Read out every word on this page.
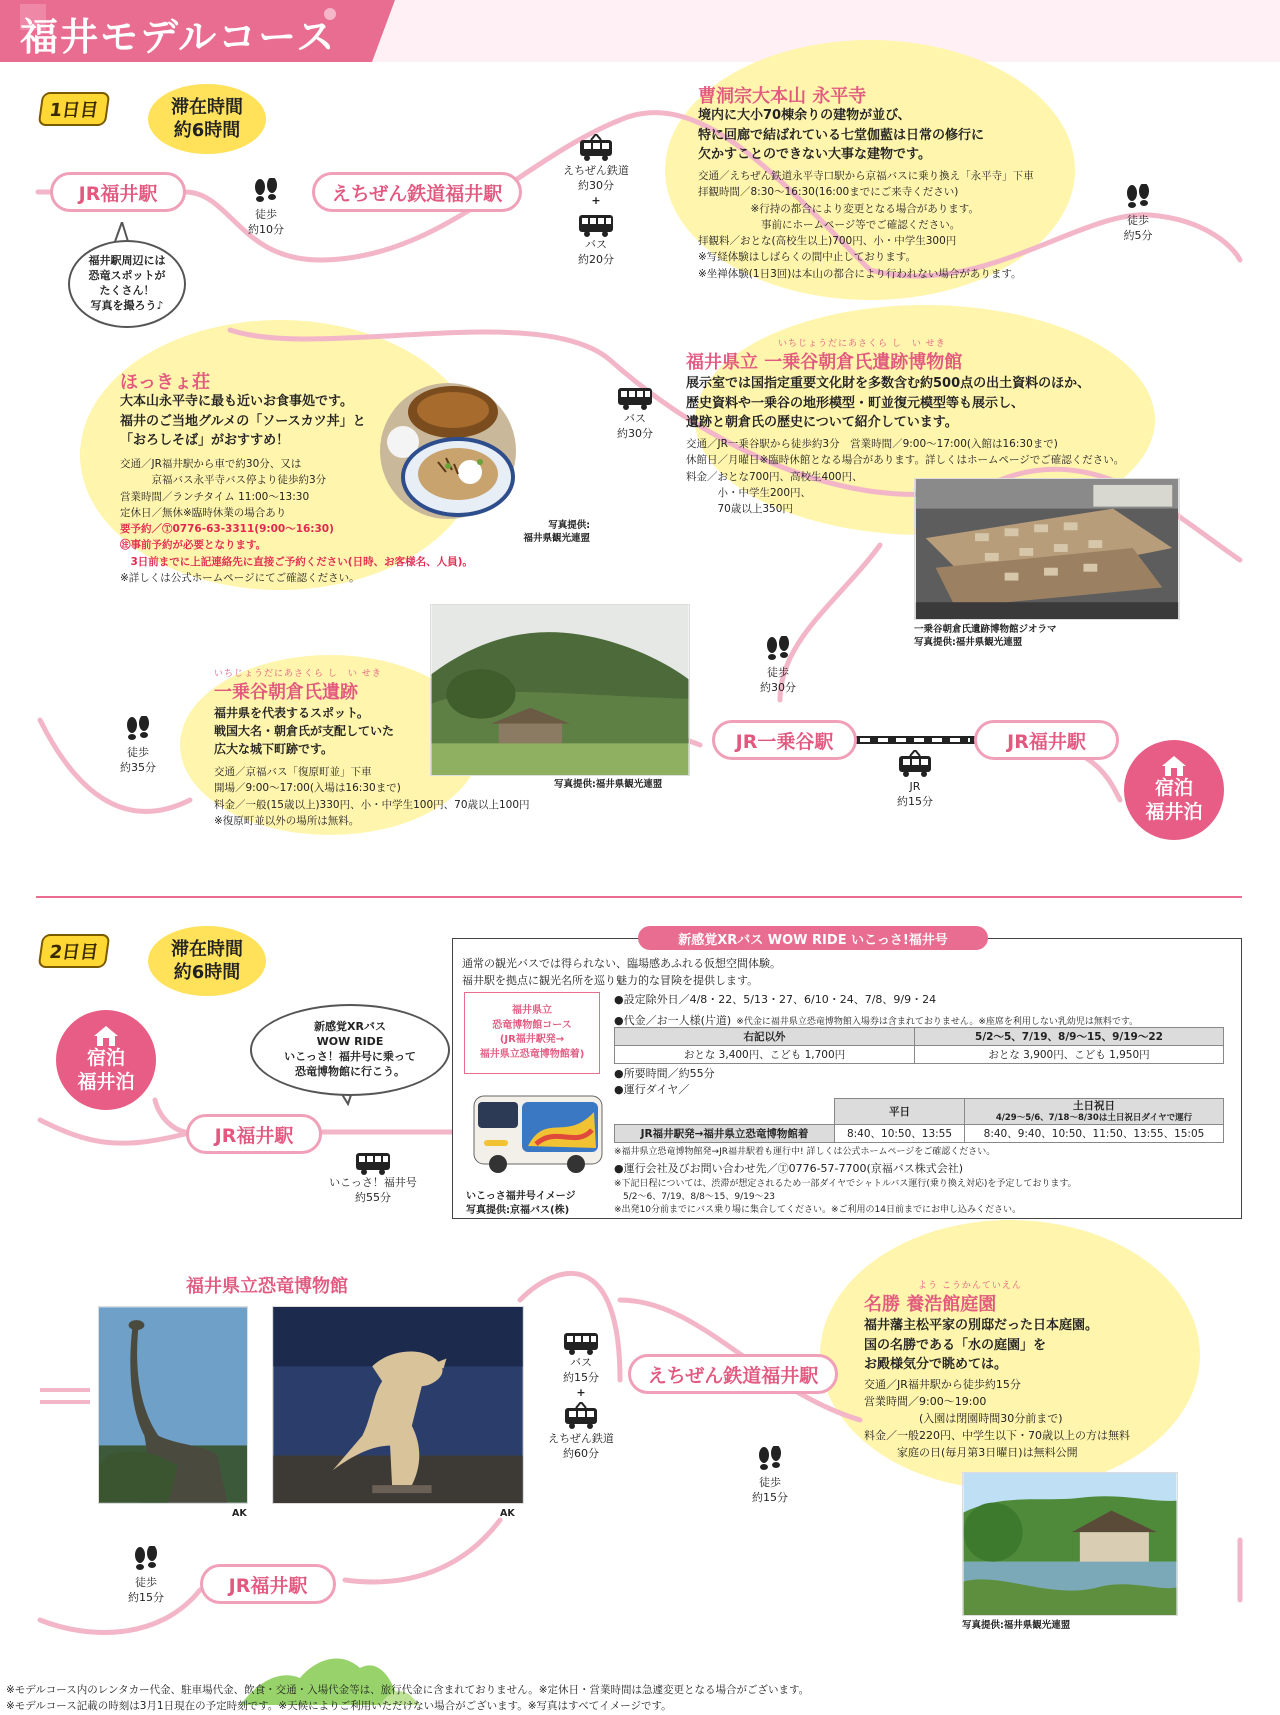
福井モデルコース
1日目	滞在時間
約6時間
JR福井駅	えちぜん鉄道福井駅
徒歩
約10分
福井駅周辺には
恐竜スポットが
たくさん！
写真を撮ろう♪
えちぜん鉄道
約30分
+
バス
約20分
曹洞宗大本山 永平寺
境内に大小70棟余りの建物が並び、
特に回廊で結ばれている七堂伽藍は日常の修行に
欠かすことのできない大事な建物です。
交通／えちぜん鉄道永平寺口駅から京福バスに乗り換え「永平寺」下車
拝観時間／8:30〜16:30(16:00までにご来寺ください)
　　　　　※行持の都合により変更となる場合があります。
　　　　　　事前にホームページ等でご確認ください。
拝観料／おとな(高校生以上)700円、小・中学生300円
※写経体験はしばらくの間中止しております。
※坐禅体験(1日3回)は本山の都合により行われない場合があります。
徒歩
約5分
ほっきょ荘
大本山永平寺に最も近いお食事処です。
福井のご当地グルメの「ソースカツ丼」と
「おろしそば」がおすすめ！
交通／JR福井駅から車で約30分、又は
　　　京福バス永平寺バス停より徒歩約3分
営業時間／ランチタイム 11:00〜13:30
定休日／無休※臨時休業の場合あり
要予約／Ⓣ0776-63-3311(9:00〜16:30)
㊟事前予約が必要となります。
　3日前までに上記連絡先に直接ご予約ください(日時、お客様名、人員)。
※詳しくは公式ホームページにてご確認ください。
写真提供:
福井県観光連盟
バス
約30分
いちじょうだにあさくら し　い せき
福井県立 一乗谷朝倉氏遺跡博物館
展示室では国指定重要文化財を多数含む約500点の出土資料のほか、
歴史資料や一乗谷の地形模型・町並復元模型等も展示し、
遺跡と朝倉氏の歴史について紹介しています。
交通／JR一乗谷駅から徒歩約3分　営業時間／9:00〜17:00(入館は16:30まで)
休館日／月曜日※臨時休館となる場合があります。詳しくはホームページでご確認ください。
料金／おとな700円、高校生400円、
　　　小・中学生200円、
　　　70歳以上350円
一乗谷朝倉氏遺跡博物館ジオラマ
写真提供:福井県観光連盟
写真提供:福井県観光連盟
いちじょうだにあさくら し　い せき
一乗谷朝倉氏遺跡
福井県を代表するスポット。
戦国大名・朝倉氏が支配していた
広大な城下町跡です。
交通／京福バス「復原町並」下車
開場／9:00〜17:00(入場は16:30まで)
料金／一般(15歳以上)330円、小・中学生100円、70歳以上100円
※復原町並以外の場所は無料。
徒歩
約35分
徒歩
約30分
JR一乗谷駅	JR福井駅
JR
約15分
宿泊
福井泊
2日目	滞在時間
約6時間
宿泊
福井泊
新感覚XRバス
WOW RIDE
いこっさ！福井号に乗って
恐竜博物館に行こう。
JR福井駅
いこっさ！福井号
約55分
新感覚XRバス WOW RIDE いこっさ!福井号
通常の観光バスでは得られない、臨場感あふれる仮想空間体験。
福井駅を拠点に観光名所を巡り魅力的な冒険を提供します。
福井県立
恐竜博物館コース
(JR福井駅発→
福井県立恐竜博物館着)
いこっさ福井号イメージ
写真提供:京福バス(株)
●設定除外日／4/8・22、5/13・27、6/10・24、7/8、9/9・24
●代金／お一人様(片道) ※代金に福井県立恐竜博物館入場券は含まれておりません。※座席を利用しない乳幼児は無料です。
右記以外	5/2〜5、7/19、8/9〜15、9/19〜22
おとな 3,400円、こども 1,700円	おとな 3,900円、こども 1,950円
●所要時間／約55分
●運行ダイヤ／
	平日	土日祝日
4/29〜5/6、7/18〜8/30は土日祝日ダイヤで運行

JR福井駅発→福井県立恐竜博物館着	8:40、10:50、13:55	8:40、9:40、10:50、11:50、13:55、15:05
※福井県立恐竜博物館発→JR福井駅着も運行中! 詳しくは公式ホームページをご確認ください。
●運行会社及びお問い合わせ先／Ⓣ0776-57-7700(京福バス株式会社)
※下記日程については、渋滞が想定されるため一部ダイヤでシャトルバス運行(乗り換え対応)を予定しております。
　5/2〜6、7/19、8/8〜15、9/19〜23
※出発10分前までにバス乗り場に集合してください。※ご利用の14日前までにお申し込みください。
福井県立恐竜博物館
AK	AK
バス
約15分
+
えちぜん鉄道
約60分
えちぜん鉄道福井駅
徒歩
約15分
よう こうかんていえん
名勝 養浩館庭園
福井藩主松平家の別邸だった日本庭園。
国の名勝である「水の庭園」を
お殿様気分で眺めては。
交通／JR福井駅から徒歩約15分
営業時間／9:00〜19:00
　　　　　(入園は閉園時間30分前まで)
料金／一般220円、中学生以下・70歳以上の方は無料
　　　家庭の日(毎月第3日曜日)は無料公開
写真提供:福井県観光連盟
徒歩
約15分
JR福井駅
※モデルコース内のレンタカー代金、駐車場代金、飲食・交通・入場代金等は、旅行代金に含まれておりません。※定休日・営業時間は急遽変更となる場合がございます。
※モデルコース記載の時刻は3月1日現在の予定時刻です。※天候によりご利用いただけない場合がございます。※写真はすべてイメージです。
